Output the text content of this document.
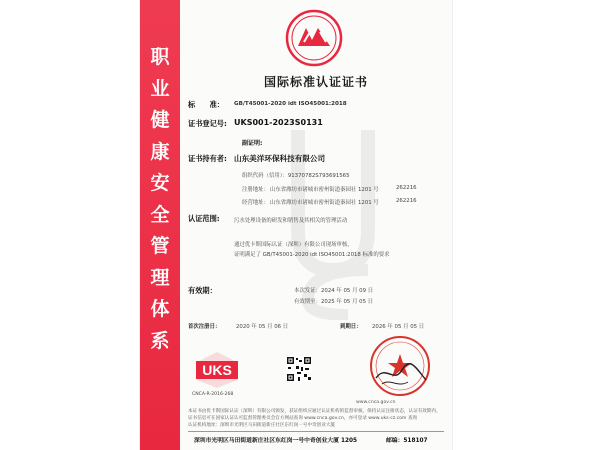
职
业
健
康
安
全
管
理
体
系
国际标准认证证书
标　　准： GB/T45001-2020 idt ISO45001:2018
证书登记号: UKS001-2023S0131
副证明:
证书持有者: 山东美洋环保科技有限公司
组织代码（信用）：91370782S793691565
注册地址： 山东省潍坊市诸城市密州街道秦园社 1201 号	262216
经营地址： 山东省潍坊市诸城市密州街道秦园社 1201 号	262216
认证范围:	污水处理设备的研发和销售及其相关的管理活动
通过优卡斯国际认证（深圳）有限公司现场审核，
证明满足了 GB/T45001-2020 idt ISO45001:2018 标准的要求
有效期：	本次发证：2024 年 05 月 09 日
有效期至：2025 年 05 月 05 日
首次注册日：	2020 年 05 月 06 日	到期日： 2026 年 05 月 05 日
UKS
CNCA-R-2016-268
本证书由优卡斯国际认证（深圳）有限公司颁发，获证组织应通过认证机构的监督审核，保持认证注册状态，认证有效期内，
证书信息可在国家认证认可监督管理委员会官方网站查询 www.cnca.gov.cn，亦可登录 www.uks-cz.com 查询
认证机构地址：深圳市光明区马田街道新庄社区东红岗一号中奇创业大厦
深圳市光明区马田街道新庄社区东红岗一号中奇创业大厦 1205	邮编：518107
www.cnca.gov.cn
